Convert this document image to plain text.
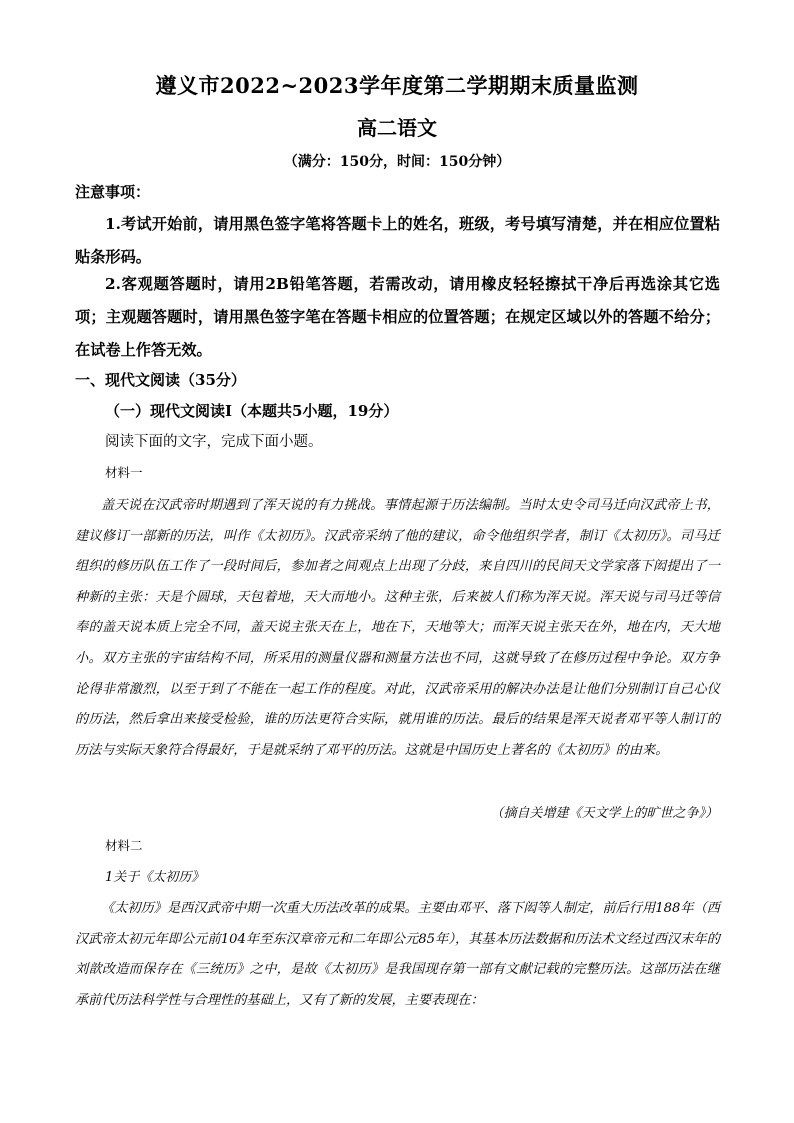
遵义市2022~2023学年度第二学期期末质量监测
高二语文
（满分：150分，时间：150分钟）
注意事项：

1.考试开始前，请用黑色签字笔将答题卡上的姓名，班级，考号填写清楚，并在相应位置粘贴条形码。

2.客观题答题时，请用2B铅笔答题，若需改动，请用橡皮轻轻擦拭干净后再选涂其它选项；主观题答题时，请用黑色签字笔在答题卡相应的位置答题；在规定区域以外的答题不给分；在试卷上作答无效。

一、现代文阅读（35分）
（一）现代文阅读Ⅰ（本题共5小题，19分）
阅读下面的文字，完成下面小题。
材料一

盖天说在汉武帝时期遇到了浑天说的有力挑战。事情起源于历法编制。当时太史令司马迁向汉武帝上书，建议修订一部新的历法，叫作《太初历》。汉武帝采纳了他的建议，命令他组织学者，制订《太初历》。司马迁组织的修历队伍工作了一段时间后，参加者之间观点上出现了分歧，来自四川的民间天文学家落下闳提出了一种新的主张：天是个圆球，天包着地，天大而地小。这种主张，后来被人们称为浑天说。浑天说与司马迁等信奉的盖天说本质上完全不同，盖天说主张天在上，地在下，天地等大；而浑天说主张天在外，地在内，天大地小。双方主张的宇宙结构不同，所采用的测量仪器和测量方法也不同，这就导致了在修历过程中争论。双方争论得非常激烈，以至于到了不能在一起工作的程度。对此，汉武帝采用的解决办法是让他们分别制订自己心仪的历法，然后拿出来接受检验，谁的历法更符合实际，就用谁的历法。最后的结果是浑天说者邓平等人制订的历法与实际天象符合得最好，于是就采纳了邓平的历法。这就是中国历史上著名的《太初历》的由来。

（摘自关增建《天文学上的旷世之争》）
材料二
1关于《太初历》

《太初历》是西汉武帝中期一次重大历法改革的成果。主要由邓平、落下闳等人制定，前后行用188年（西汉武帝太初元年即公元前104年至东汉章帝元和二年即公元85年），其基本历法数据和历法术文经过西汉末年的刘歆改造而保存在《三统历》之中，是故《太初历》是我国现存第一部有文献记载的完整历法。这部历法在继承前代历法科学性与合理性的基础上，又有了新的发展，主要表现在：
